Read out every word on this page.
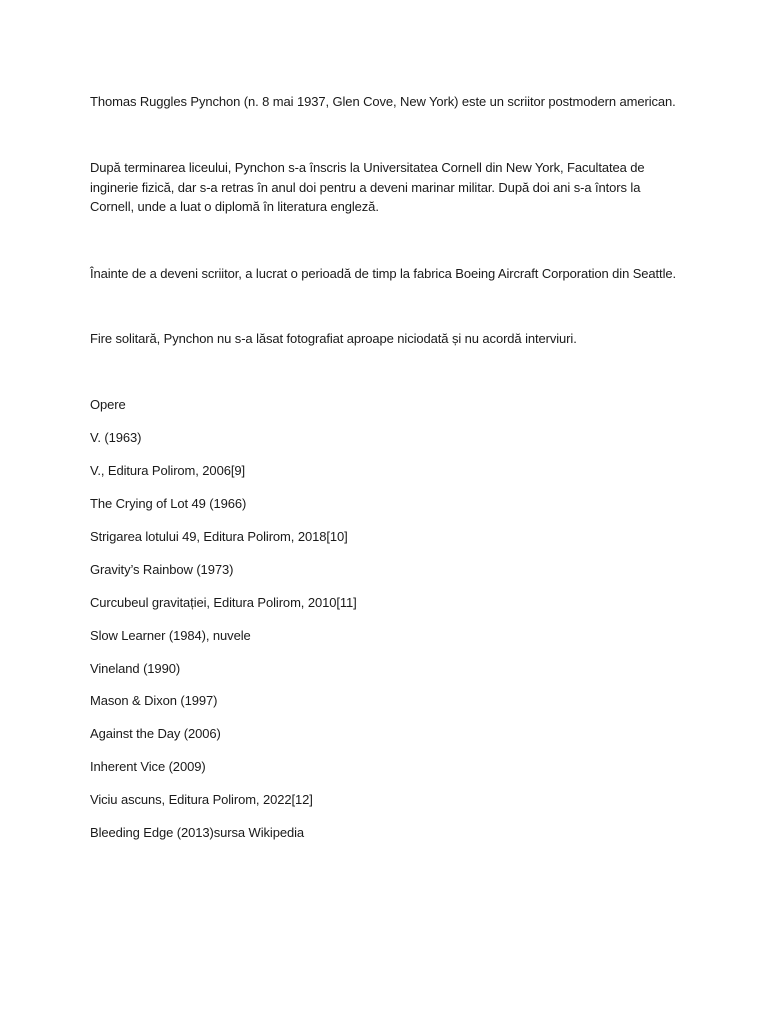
Thomas Ruggles Pynchon (n. 8 mai 1937, Glen Cove, New York) este un scriitor postmodern american.

După terminarea liceului, Pynchon s-a înscris la Universitatea Cornell din New York, Facultatea de inginerie fizică, dar s-a retras în anul doi pentru a deveni marinar militar. După doi ani s-a întors la Cornell, unde a luat o diplomă în literatura engleză.

Înainte de a deveni scriitor, a lucrat o perioadă de timp la fabrica Boeing Aircraft Corporation din Seattle.

Fire solitară, Pynchon nu s-a lăsat fotografiat aproape niciodată și nu acordă interviuri.

Opere

V. (1963)

V., Editura Polirom, 2006[9]

The Crying of Lot 49 (1966)

Strigarea lotului 49, Editura Polirom, 2018[10]

Gravity’s Rainbow (1973)

Curcubeul gravitației, Editura Polirom, 2010[11]

Slow Learner (1984), nuvele

Vineland (1990)

Mason & Dixon (1997)

Against the Day (2006)

Inherent Vice (2009)

Viciu ascuns, Editura Polirom, 2022[12]

Bleeding Edge (2013)sursa Wikipedia
